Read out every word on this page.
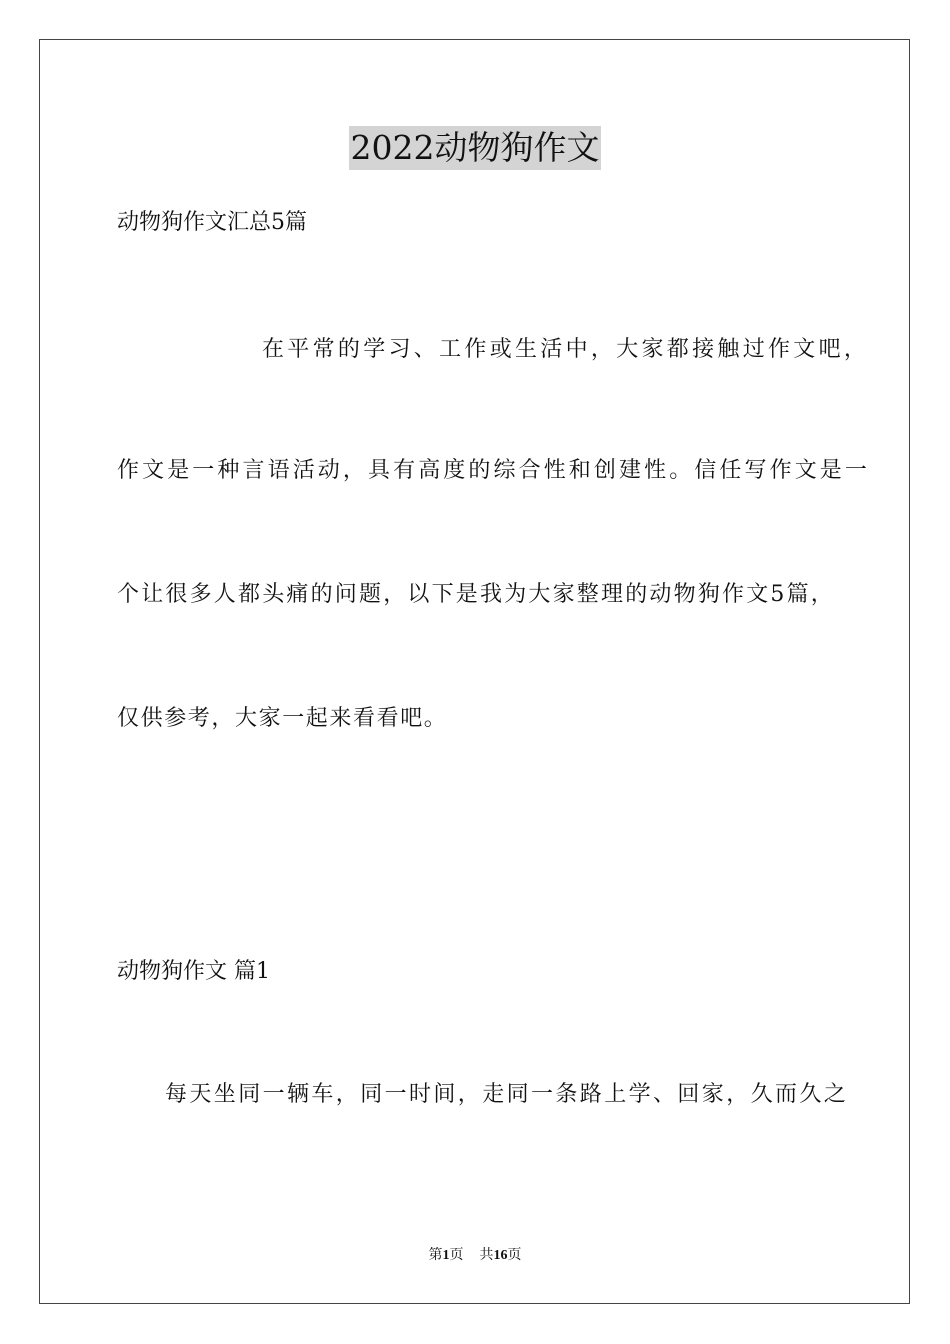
2022动物狗作文
动物狗作文汇总5篇
在平常的学习、工作或生活中，大家都接触过作文吧，
作文是一种言语活动，具有高度的综合性和创建性。信任写作文是一
个让很多人都头痛的问题，以下是我为大家整理的动物狗作文5篇，
仅供参考，大家一起来看看吧。
动物狗作文 篇1
每天坐同一辆车，同一时间，走同一条路上学、回家，久而久之
第1页 共16页
